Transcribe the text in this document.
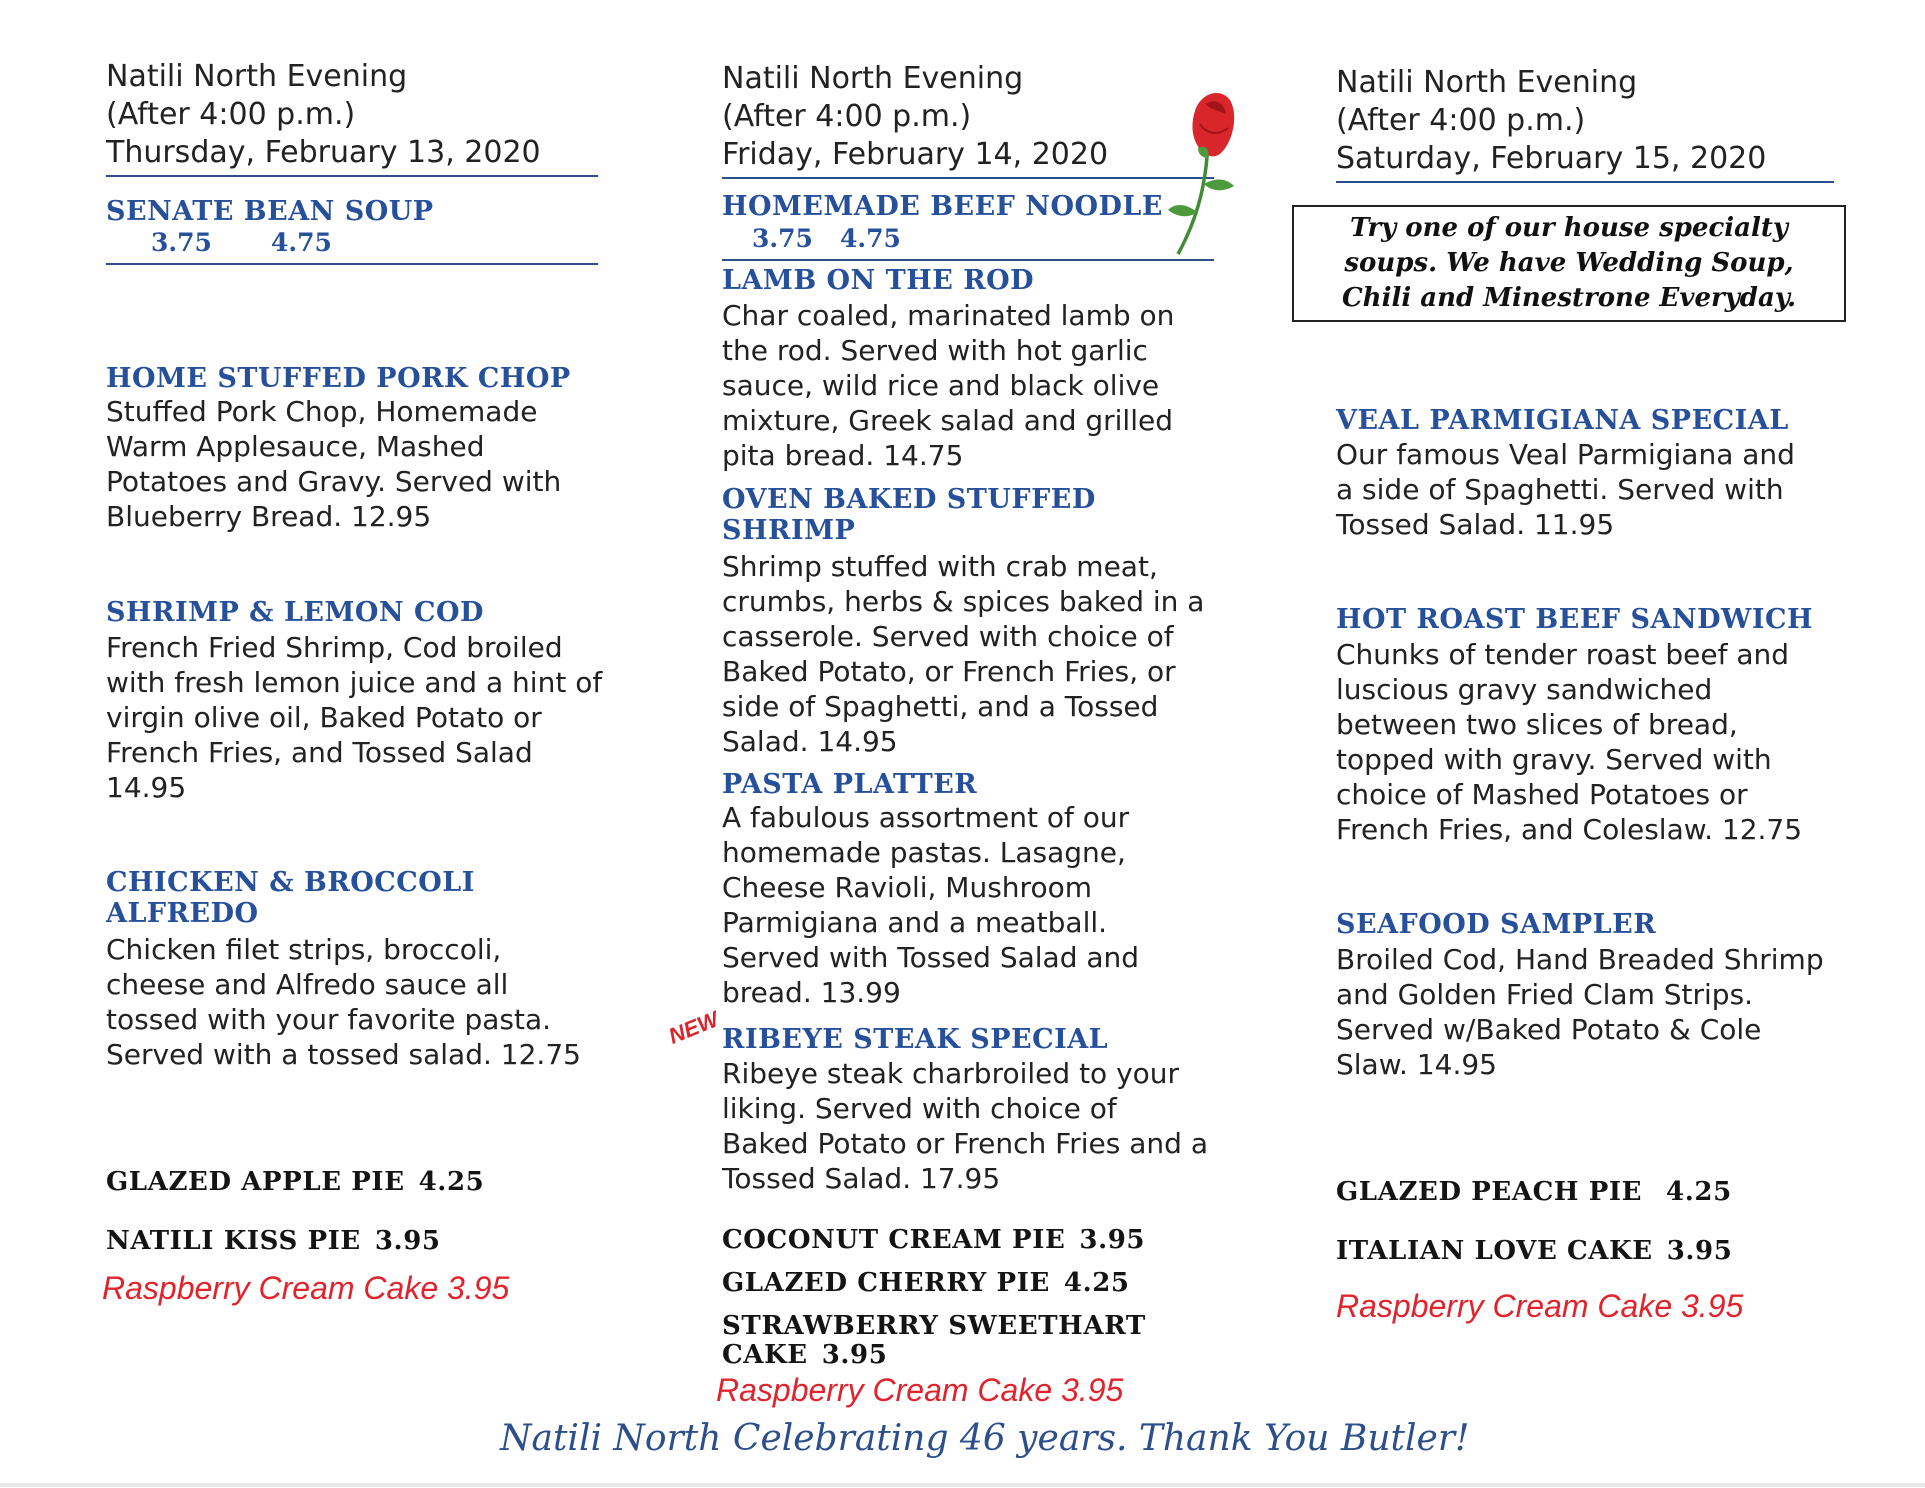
Natili North Evening
(After 4:00 p.m.)
Thursday, February 13, 2020
SENATE BEAN SOUP
3.75 4.75
HOME STUFFED PORK CHOP
Stuffed Pork Chop, Homemade
Warm Applesauce, Mashed
Potatoes and Gravy. Served with
Blueberry Bread. 12.95
SHRIMP & LEMON COD
French Fried Shrimp, Cod broiled
with fresh lemon juice and a hint of
virgin olive oil, Baked Potato or
French Fries, and Tossed Salad
14.95
CHICKEN & BROCCOLI
ALFREDO
Chicken filet strips, broccoli,
cheese and Alfredo sauce all
tossed with your favorite pasta.
Served with a tossed salad. 12.75
GLAZED APPLE PIE 4.25
NATILI KISS PIE 3.95
Raspberry Cream Cake 3.95
Natili North Evening
(After 4:00 p.m.)
Friday, February 14, 2020
HOMEMADE BEEF NOODLE
3.75 4.75
LAMB ON THE ROD
Char coaled, marinated lamb on
the rod. Served with hot garlic
sauce, wild rice and black olive
mixture, Greek salad and grilled
pita bread. 14.75
OVEN BAKED STUFFED
SHRIMP
Shrimp stuffed with crab meat,
crumbs, herbs & spices baked in a
casserole. Served with choice of
Baked Potato, or French Fries, or
side of Spaghetti, and a Tossed
Salad. 14.95
PASTA PLATTER
A fabulous assortment of our
homemade pastas. Lasagne,
Cheese Ravioli, Mushroom
Parmigiana and a meatball.
Served with Tossed Salad and
bread. 13.99
RIBEYE STEAK SPECIAL
Ribeye steak charbroiled to your
liking. Served with choice of
Baked Potato or French Fries and a
Tossed Salad. 17.95
COCONUT CREAM PIE 3.95
GLAZED CHERRY PIE 4.25
STRAWBERRY SWEETHART
CAKE 3.95
Raspberry Cream Cake 3.95
NEW
Natili North Evening
(After 4:00 p.m.)
Saturday, February 15, 2020
VEAL PARMIGIANA SPECIAL
Our famous Veal Parmigiana and
a side of Spaghetti. Served with
Tossed Salad. 11.95
HOT ROAST BEEF SANDWICH
Chunks of tender roast beef and
luscious gravy sandwiched
between two slices of bread,
topped with gravy. Served with
choice of Mashed Potatoes or
French Fries, and Coleslaw. 12.75
SEAFOOD SAMPLER
Broiled Cod, Hand Breaded Shrimp
and Golden Fried Clam Strips.
Served w/Baked Potato & Cole
Slaw. 14.95
GLAZED PEACH PIE 4.25
ITALIAN LOVE CAKE 3.95
Raspberry Cream Cake 3.95
Try one of our house specialty
soups. We have Wedding Soup,
Chili and Minestrone Everyday.
Natili North Celebrating 46 years. Thank You Butler!
